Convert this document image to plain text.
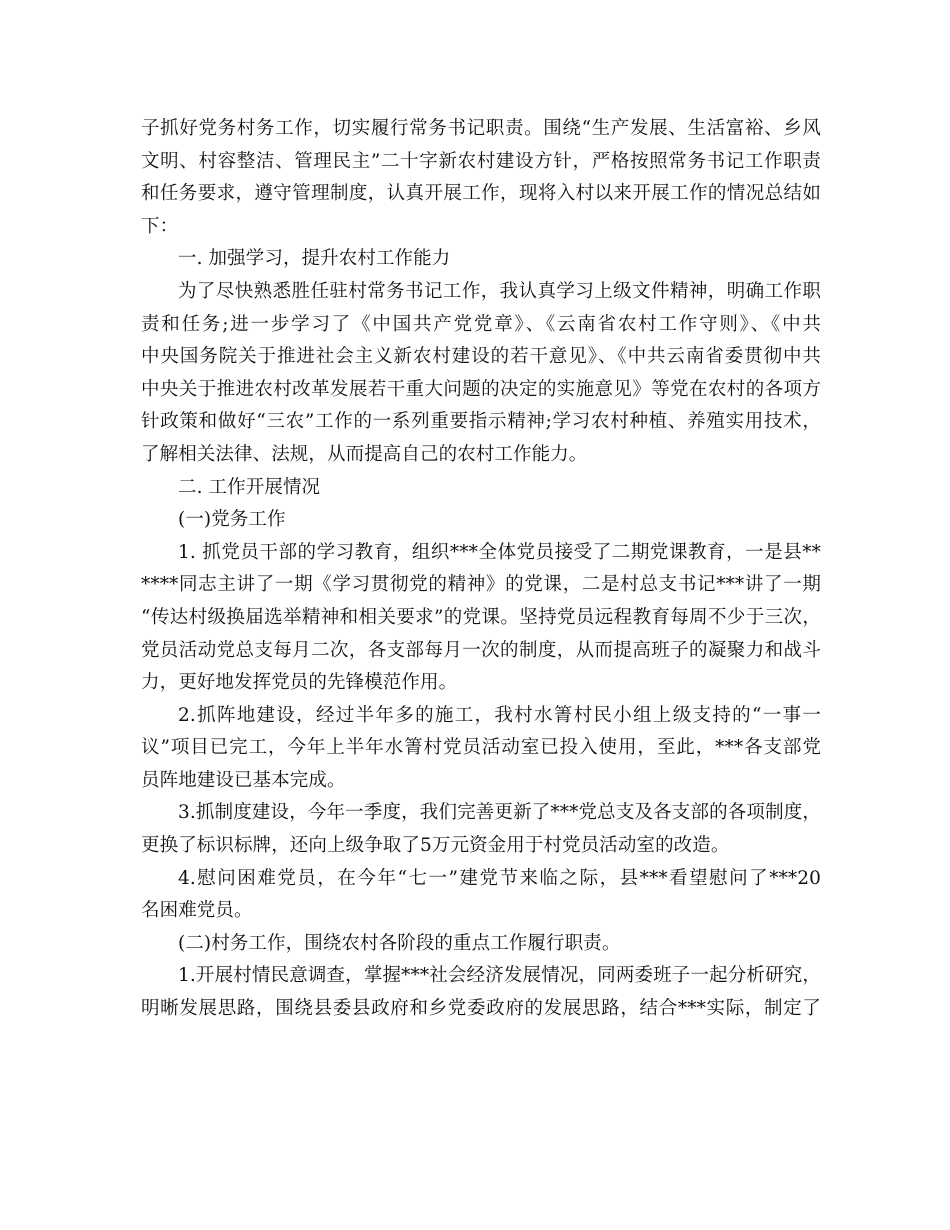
子抓好党务村务工作，切实履行常务书记职责。围绕“生产发展、生活富裕、乡风
文明、村容整洁、管理民主”二十字新农村建设方针，严格按照常务书记工作职责
和任务要求，遵守管理制度，认真开展工作，现将入村以来开展工作的情况总结如
下：
一. 加强学习，提升农村工作能力
为了尽快熟悉胜任驻村常务书记工作，我认真学习上级文件精神，明确工作职
责和任务;进一步学习了《中国共产党党章》、《云南省农村工作守则》、《中共
中央国务院关于推进社会主义新农村建设的若干意见》、《中共云南省委贯彻中共
中央关于推进农村改革发展若干重大问题的决定的实施意见》等党在农村的各项方
针政策和做好“三农”工作的一系列重要指示精神;学习农村种植、养殖实用技术，
了解相关法律、法规，从而提高自己的农村工作能力。
二. 工作开展情况
(一)党务工作
1. 抓党员干部的学习教育，组织***全体党员接受了二期党课教育，一是县**
****同志主讲了一期《学习贯彻党的精神》的党课，二是村总支书记***讲了一期
“传达村级换届选举精神和相关要求”的党课。坚持党员远程教育每周不少于三次，
党员活动党总支每月二次，各支部每月一次的制度，从而提高班子的凝聚力和战斗
力，更好地发挥党员的先锋模范作用。
2.抓阵地建设，经过半年多的施工，我村水箐村民小组上级支持的“一事一
议”项目已完工，今年上半年水箐村党员活动室已投入使用，至此，***各支部党
员阵地建设已基本完成。
3.抓制度建设，今年一季度，我们完善更新了***党总支及各支部的各项制度，
更换了标识标牌，还向上级争取了5万元资金用于村党员活动室的改造。
4.慰问困难党员，在今年“七一”建党节来临之际，县***看望慰问了***20
名困难党员。
(二)村务工作，围绕农村各阶段的重点工作履行职责。
1.开展村情民意调查，掌握***社会经济发展情况，同两委班子一起分析研究，
明晰发展思路，围绕县委县政府和乡党委政府的发展思路，结合***实际，制定了
